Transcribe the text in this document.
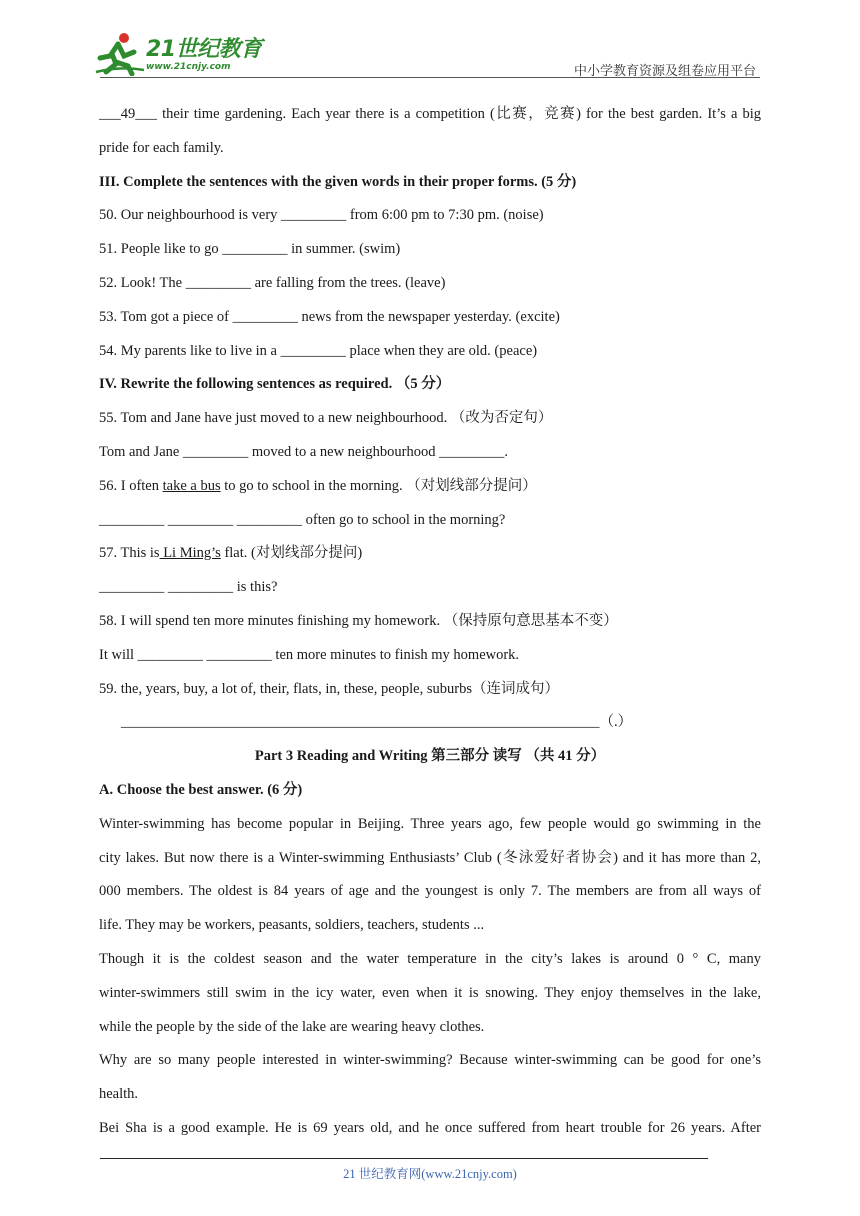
21世纪教育
www.21cnjy.com	中小学教育资源及组卷应用平台
___49___ their time gardening. Each year there is a competition (比赛，竞赛) for the best garden. It’s a big
pride for each family.
III. Complete the sentences with the given words in their proper forms. (5 分)
50. Our neighbourhood is very _________ from 6:00 pm to 7:30 pm. (noise)
51. People like to go _________ in summer. (swim)
52. Look! The _________ are falling from the trees. (leave)
53. Tom got a piece of _________ news from the newspaper yesterday. (excite)
54. My parents like to live in a _________ place when they are old. (peace)
IV. Rewrite the following sentences as required. （5 分）
55. Tom and Jane have just moved to a new neighbourhood. （改为否定句）
Tom and Jane _________ moved to a new neighbourhood _________.
56. I often take a bus to go to school in the morning. （对划线部分提问）
_________ _________ _________ often go to school in the morning?
57. This is Li Ming’s flat. (对划线部分提问)
_________ _________ is this?
58. I will spend ten more minutes finishing my homework. （保持原句意思基本不变）
It will _________ _________ ten more minutes to finish my homework.
59. the, years, buy, a lot of, their, flats, in, these, people, suburbs（连词成句）
__________________________________________________________________（.）
Part 3 Reading and Writing 第三部分 读写 （共 41 分）
A. Choose the best answer. (6 分)
Winter-swimming has become popular in Beijing. Three years ago, few people would go swimming in the
city lakes. But now there is a Winter-swimming Enthusiasts’ Club (冬泳爱好者协会) and it has more than 2,
000 members. The oldest is 84 years of age and the youngest is only 7. The members are from all ways of
life. They may be workers, peasants, soldiers, teachers, students ...
Though it is the coldest season and the water temperature in the city’s lakes is around 0 ° C, many
winter-swimmers still swim in the icy water, even when it is snowing. They enjoy themselves in the lake,
while the people by the side of the lake are wearing heavy clothes.
Why are so many people interested in winter-swimming? Because winter-swimming can be good for one’s
health.
Bei Sha is a good example. He is 69 years old, and he once suffered from heart trouble for 26 years. After
21 世纪教育网(www.21cnjy.com)
